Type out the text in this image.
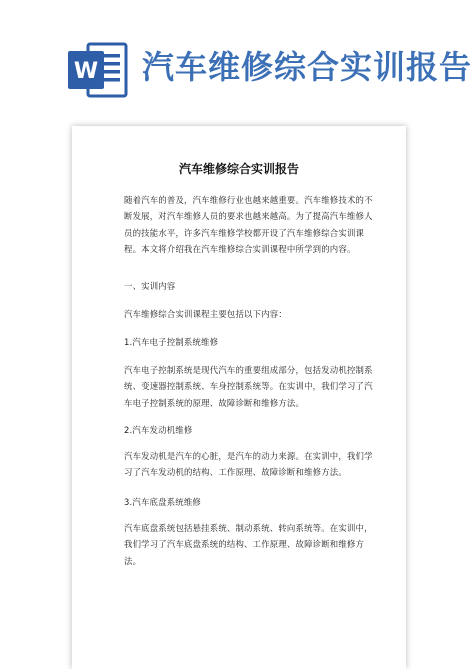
W 汽车维修综合实训报告
汽车维修综合实训报告

随着汽车的普及，汽车维修行业也越来越重要。汽车维修技术的不断发展，对汽车维修人员的要求也越来越高。为了提高汽车维修人员的技能水平，许多汽车维修学校都开设了汽车维修综合实训课程。本文将介绍我在汽车维修综合实训课程中所学到的内容。

一、实训内容

汽车维修综合实训课程主要包括以下内容：

1.汽车电子控制系统维修

汽车电子控制系统是现代汽车的重要组成部分，包括发动机控制系统、变速器控制系统、车身控制系统等。在实训中，我们学习了汽车电子控制系统的原理、故障诊断和维修方法。

2.汽车发动机维修

汽车发动机是汽车的心脏，是汽车的动力来源。在实训中，我们学习了汽车发动机的结构、工作原理、故障诊断和维修方法。

3.汽车底盘系统维修

汽车底盘系统包括悬挂系统、制动系统、转向系统等。在实训中，我们学习了汽车底盘系统的结构、工作原理、故障诊断和维修方法。
